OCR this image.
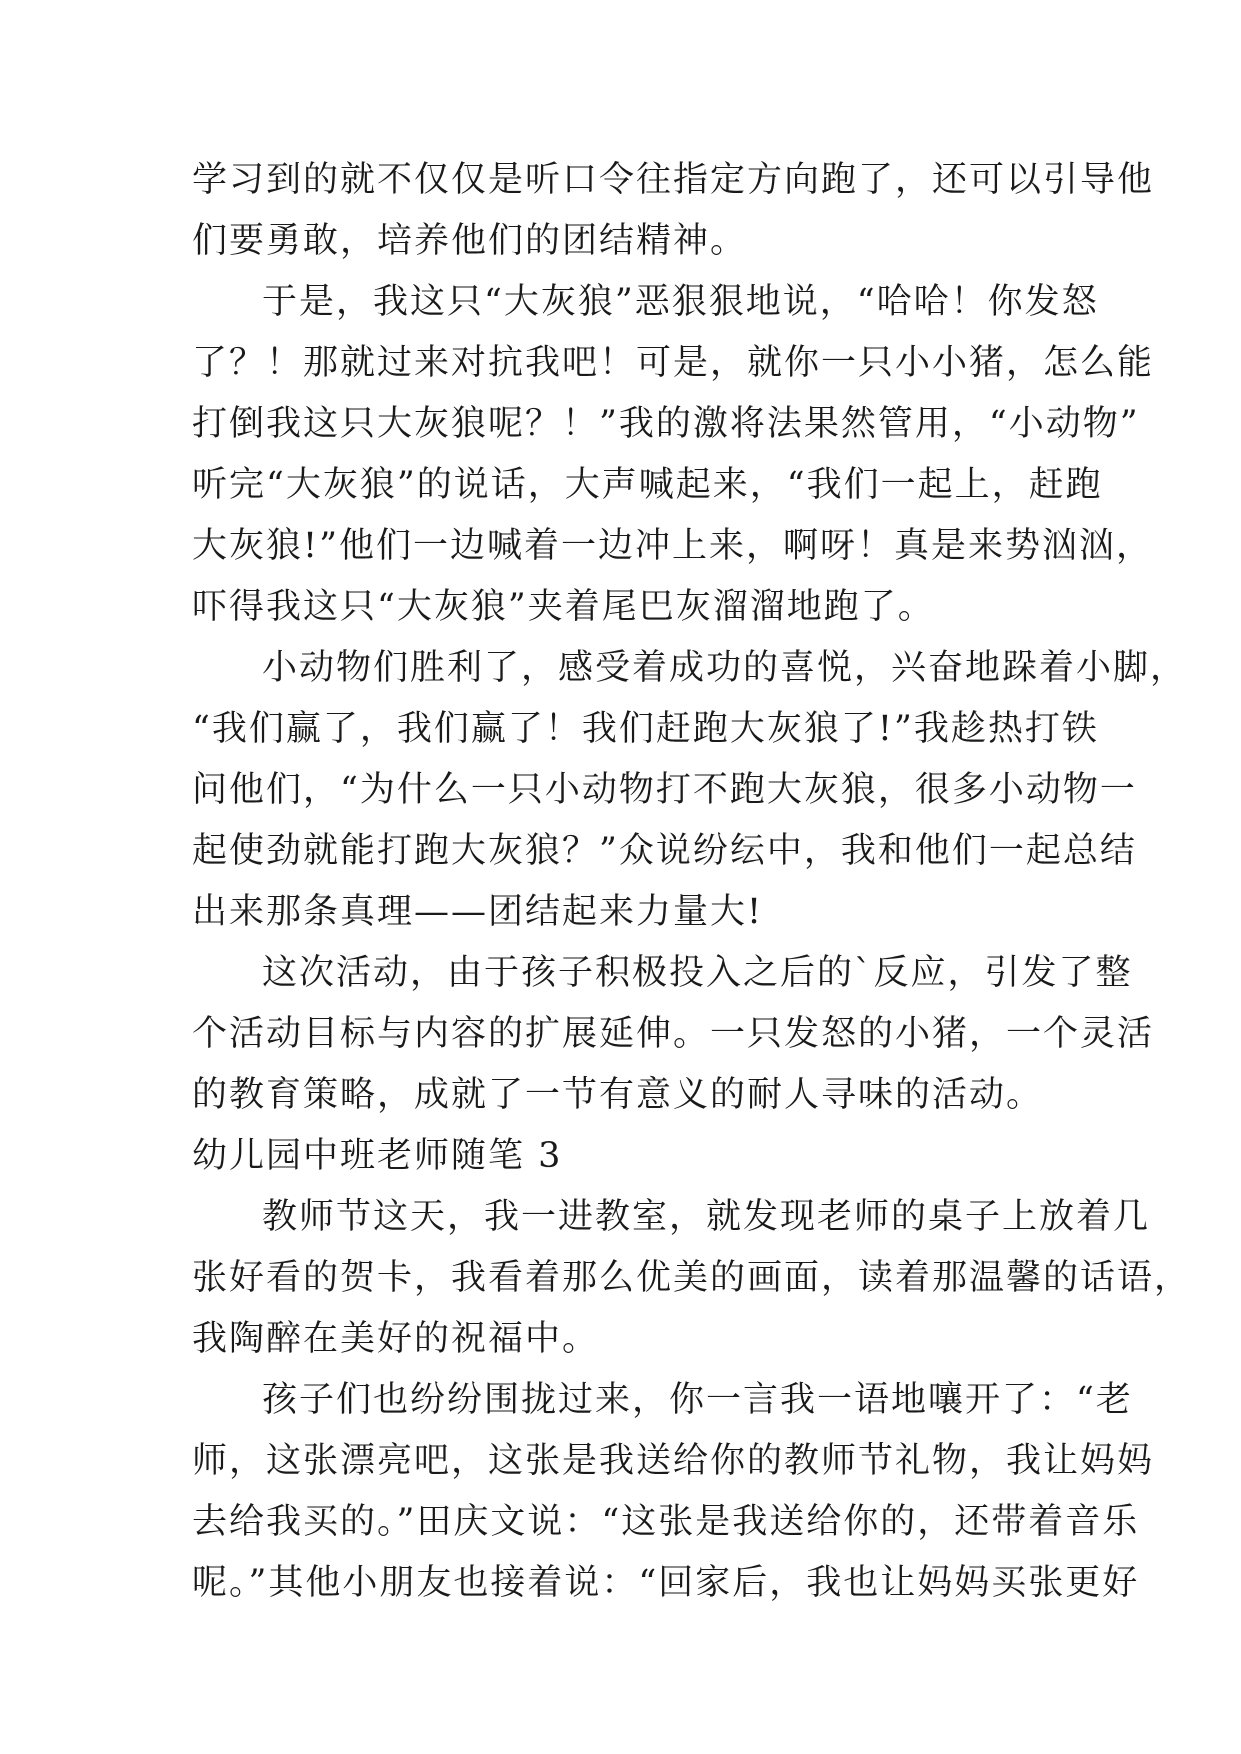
学习到的就不仅仅是听口令往指定方向跑了，还可以引导他
们要勇敢，培养他们的团结精神。
于是，我这只“大灰狼”恶狠狠地说，“哈哈！你发怒
了？！那就过来对抗我吧！可是，就你一只小小猪，怎么能
打倒我这只大灰狼呢？！”我的激将法果然管用，“小动物”
听完“大灰狼”的说话，大声喊起来，“我们一起上，赶跑
大灰狼!”他们一边喊着一边冲上来，啊呀！真是来势汹汹，
吓得我这只“大灰狼”夹着尾巴灰溜溜地跑了。
小动物们胜利了，感受着成功的喜悦，兴奋地跺着小脚，
“我们赢了，我们赢了！我们赶跑大灰狼了!”我趁热打铁
问他们，“为什么一只小动物打不跑大灰狼，很多小动物一
起使劲就能打跑大灰狼？”众说纷纭中，我和他们一起总结
出来那条真理——团结起来力量大!
这次活动，由于孩子积极投入之后的`反应，引发了整
个活动目标与内容的扩展延伸。一只发怒的小猪，一个灵活
的教育策略，成就了一节有意义的耐人寻味的活动。
幼儿园中班老师随笔 3
教师节这天，我一进教室，就发现老师的桌子上放着几
张好看的贺卡，我看着那么优美的画面，读着那温馨的话语，
我陶醉在美好的祝福中。
孩子们也纷纷围拢过来，你一言我一语地嚷开了：“老
师，这张漂亮吧，这张是我送给你的教师节礼物，我让妈妈
去给我买的。”田庆文说：“这张是我送给你的，还带着音乐
呢。”其他小朋友也接着说：“回家后，我也让妈妈买张更好
